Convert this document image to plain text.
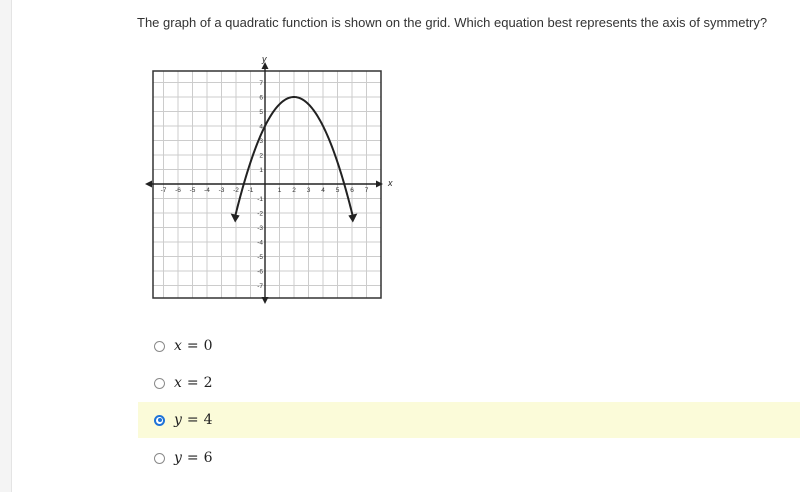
The graph of a quadratic function is shown on the grid. Which equation best represents the axis of symmetry?
x
y
-7 -6 -5 -4 -3 -2 -1	1 2 3 4 5 6 7
7
6
5
4
3
2
1
-1
-2
-3
-4
-5
-6
-7
x = 0
x = 2
y = 4
y = 6
